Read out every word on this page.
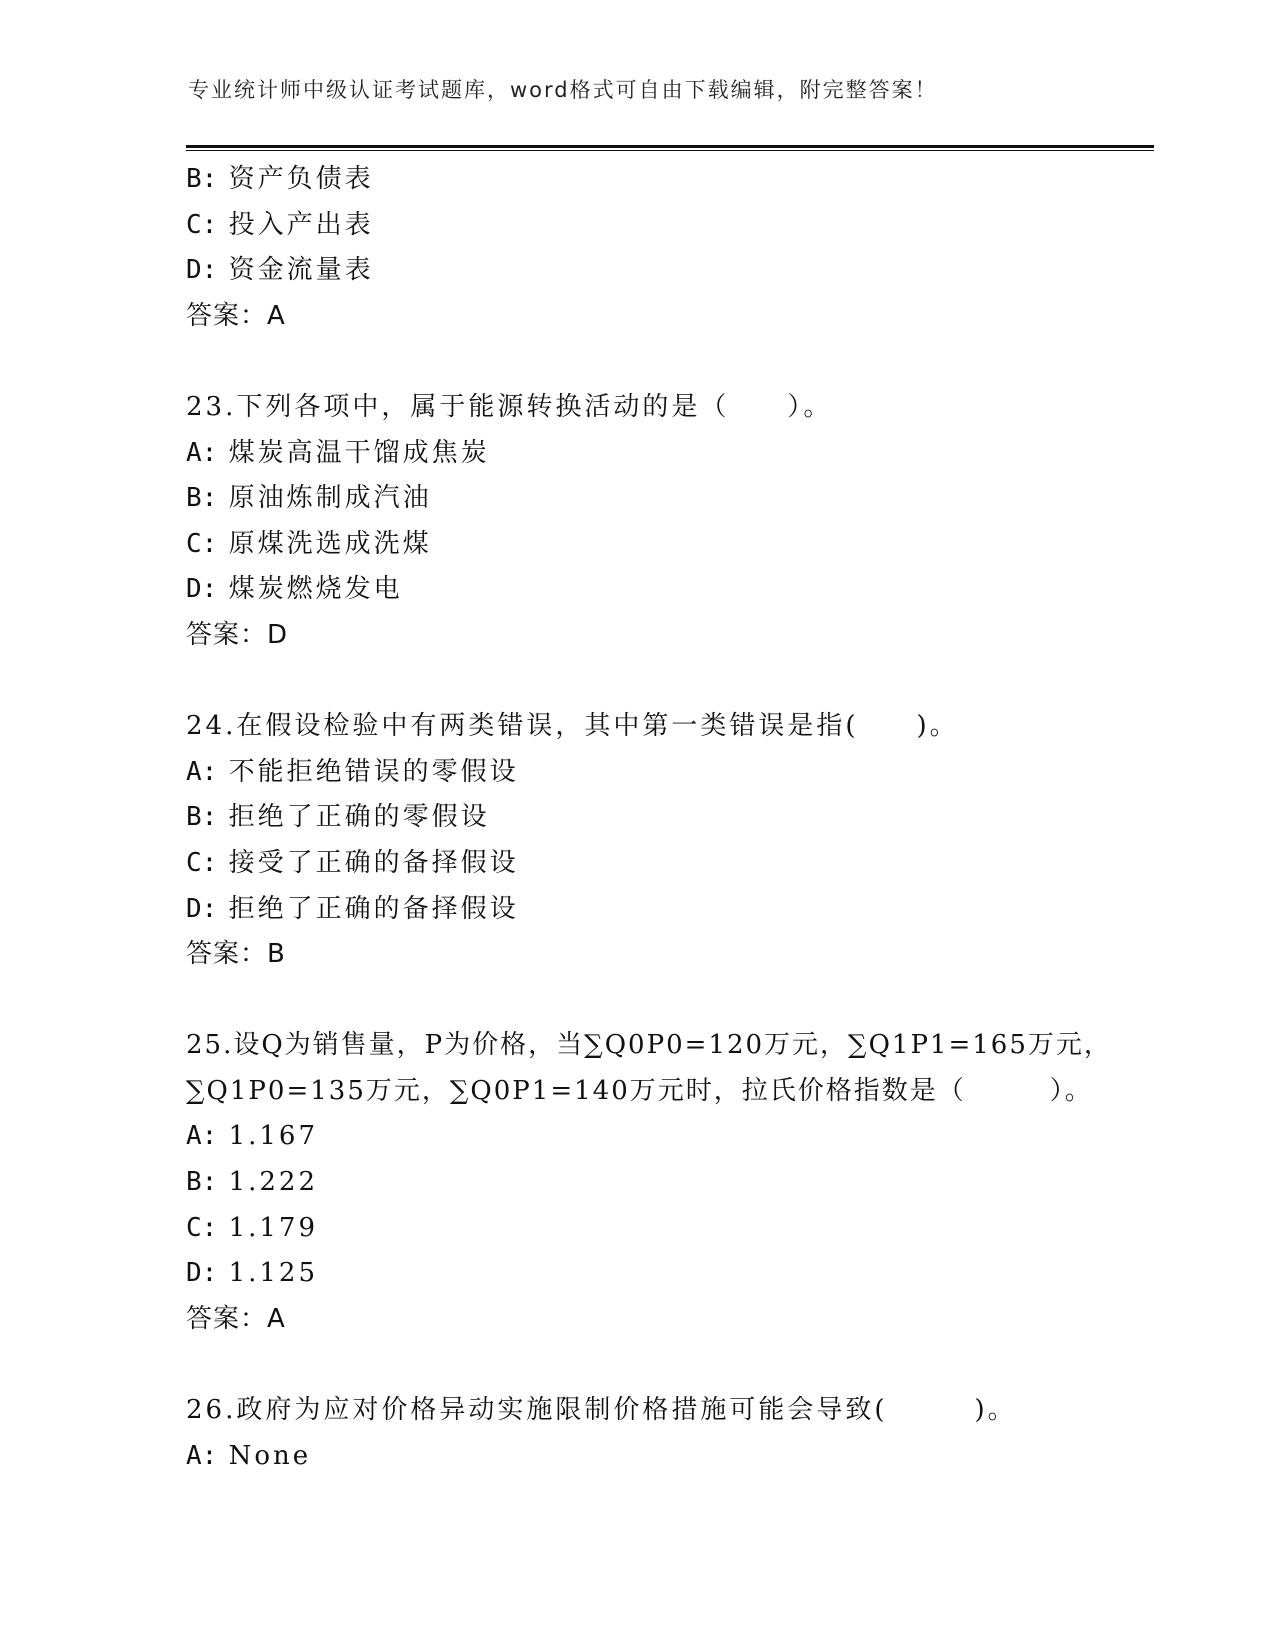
专业统计师中级认证考试题库，word格式可自由下载编辑，附完整答案！
B: 资产负债表
C: 投入产出表
D: 资金流量表
答案：A
23.下列各项中，属于能源转换活动的是（　　）。
A: 煤炭高温干馏成焦炭
B: 原油炼制成汽油
C: 原煤洗选成洗煤
D: 煤炭燃烧发电
答案：D
24.在假设检验中有两类错误，其中第一类错误是指(　　)。
A: 不能拒绝错误的零假设
B: 拒绝了正确的零假设
C: 接受了正确的备择假设
D: 拒绝了正确的备择假设
答案：B
25.设Q为销售量，P为价格，当∑Q0P0=120万元，∑Q1P1=165万元，
∑Q1P0=135万元，∑Q0P1=140万元时，拉氏价格指数是（　　　）。
A: 1.167
B: 1.222
C: 1.179
D: 1.125
答案：A
26.政府为应对价格异动实施限制价格措施可能会导致(　　　)。
A: None
